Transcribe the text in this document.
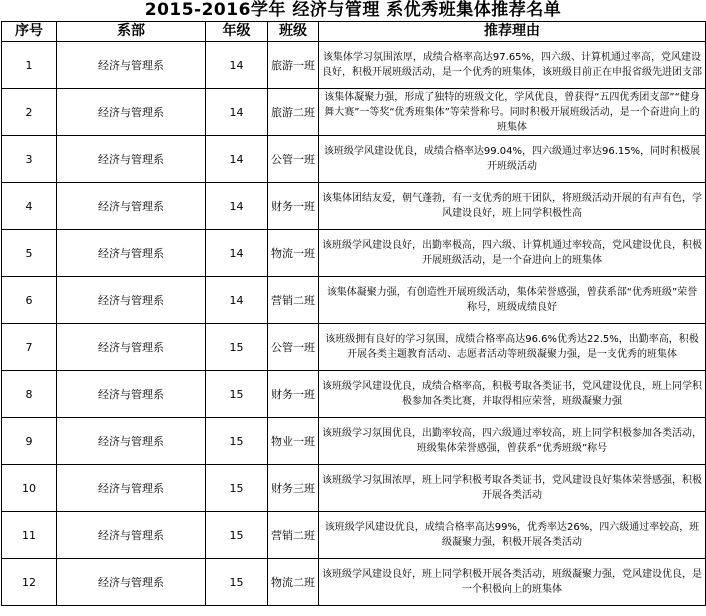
2015-2016学年 经济与管理 系优秀班集体推荐名单
序号	系部	年级	班级	推荐理由
1	经济与管理系	14	旅游一班	该集体学习氛围浓厚，成绩合格率高达97.65%，四六级、计算机通过率高，党风建设良好，积极开展班级活动，是一个优秀的班集体，该班级目前正在申报省级先进团支部

2	经济与管理系	14	旅游二班	该集体凝聚力强，形成了独特的班级文化，学风优良，曾获得“五四优秀团支部”“健身舞大赛”一等奖“优秀班集体”等荣誉称号。同时积极开展班级活动，是一个奋进向上的班集体

3	经济与管理系	14	公管一班	该班级学风建设优良，成绩合格率达99.04%，四六级通过率达96.15%，同时积极展开班级活动

4	经济与管理系	14	财务一班	该集体团结友爱，朝气蓬勃，有一支优秀的班干团队，将班级活动开展的有声有色，学风建设良好，班上同学积极性高

5	经济与管理系	14	物流一班	该班级学风建设良好，出勤率极高，四六级、计算机通过率较高，党风建设优良，积极开展班级活动，是一个奋进向上的班集体

6	经济与管理系	14	营销二班	该集体凝聚力强，有创造性开展班级活动，集体荣誉感强，曾获系部“优秀班级”荣誉称号，班级成绩良好

7	经济与管理系	15	公管一班	该班级拥有良好的学习氛围，成绩合格率高达96.6%优秀达22.5%，出勤率高，积极开展各类主题教育活动、志愿者活动等班级凝聚力强，是一支优秀的班集体

8	经济与管理系	15	财务一班	该班级学风建设优良，成绩合格率高，积极考取各类证书，党风建设优良，班上同学积极参加各类比赛，并取得相应荣誉，班级凝聚力强

9	经济与管理系	15	物业一班	该班级学习氛围优良，出勤率较高，四六级通过率较高，班上同学积极参加各类活动，班级集体荣誉感强，曾获系“优秀班级”称号

10	经济与管理系	15	财务三班	该班级学习氛围浓厚，班上同学积极考取各类证书，党风建设良好集体荣誉感强，积极开展各类活动

11	经济与管理系	15	营销二班	该班级学风建设优良，成绩合格率高达99%，优秀率达26%，四六级通过率较高，班级凝聚力强，积极开展各类活动

12	经济与管理系	15	物流二班	该班级学风建设良好，班上同学积极开展各类活动，班级凝聚力强，党风建设优良，是一个积极向上的班集体
